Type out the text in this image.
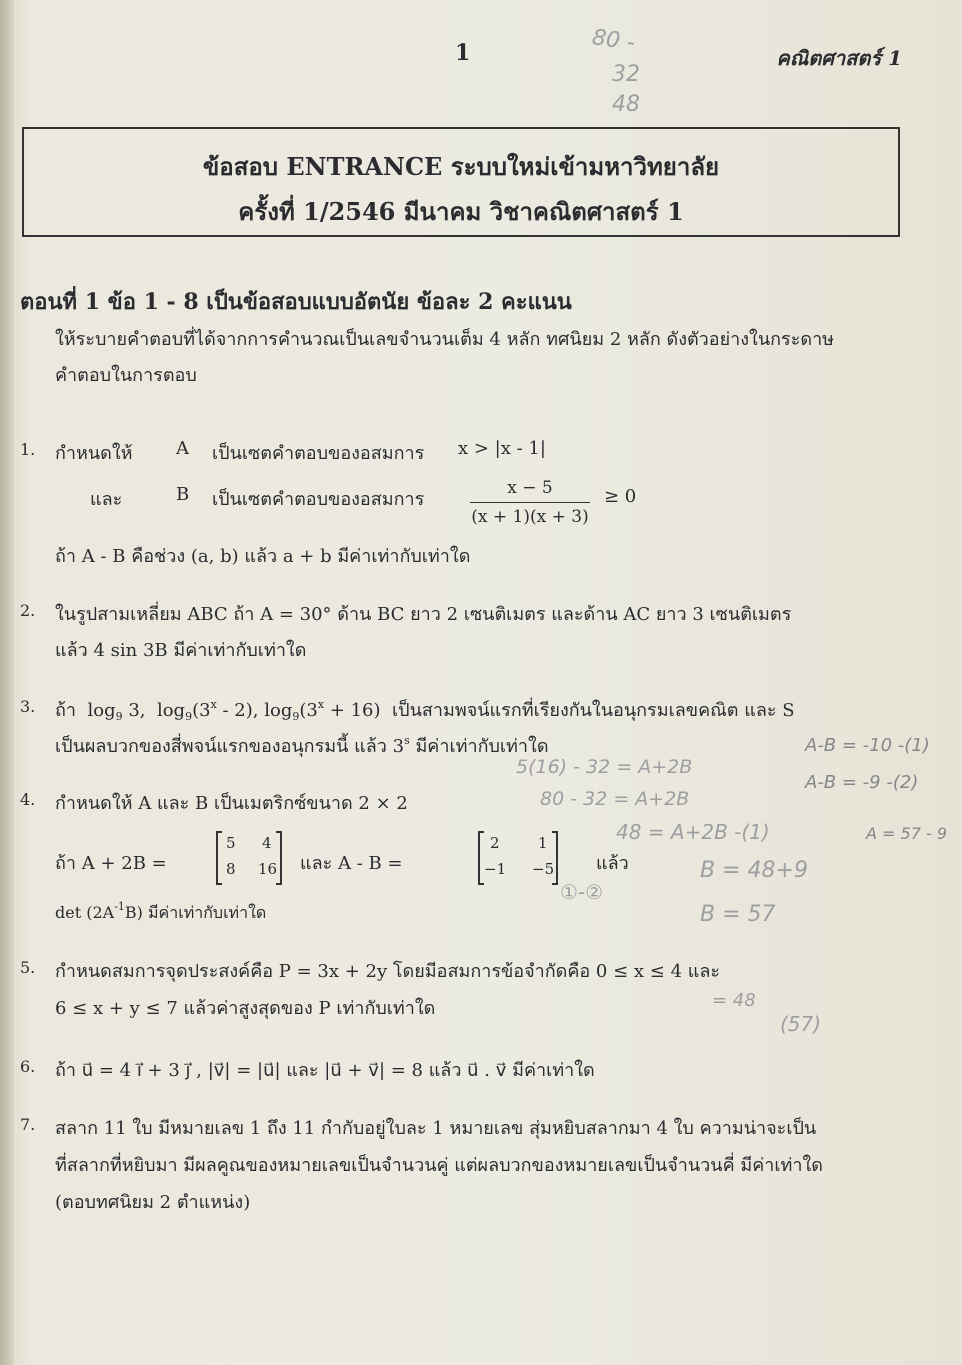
1	คณิตศาสตร์ 1
ข้อสอบ ENTRANCE ระบบใหม่เข้ามหาวิทยาลัย
ครั้งที่ 1/2546 มีนาคม วิชาคณิตศาสตร์ 1
ตอนที่ 1 ข้อ 1 - 8 เป็นข้อสอบแบบอัตนัย ข้อละ 2 คะแนน
ให้ระบายคำตอบที่ได้จากการคำนวณเป็นเลขจำนวนเต็ม 4 หลัก ทศนิยม 2 หลัก ดังตัวอย่างในกระดาษ
คำตอบในการตอบ
1. กำหนดให้ A เป็นเซตคำตอบของอสมการ x > |x - 1|
และ	B เป็นเซตคำตอบของอสมการ
x − 5
(x + 1)(x + 3)
≥ 0
ถ้า A - B คือช่วง (a, b) แล้ว a + b มีค่าเท่ากับเท่าใด
2. ในรูปสามเหลี่ยม ABC ถ้า A = 30° ด้าน BC ยาว 2 เซนติเมตร และด้าน AC ยาว 3 เซนติเมตร
แล้ว 4 sin 3B มีค่าเท่ากับเท่าใด
3. ถ้า $\log_9 3$, $\log_9(3^x - 2)$, $\log_9(3^x + 16)$ เป็นสามพจน์แรกที่เรียงกันในอนุกรมเลขคณิต และ S
เป็นผลบวกของสี่พจน์แรกของอนุกรมนี้ แล้ว 3$^s$ มีค่าเท่ากับเท่าใด
4. กำหนดให้ A และ B เป็นเมตริกซ์ขนาด 2 × 2
ถ้า A + 2B =
5 4
8 16 และ A - B =
2	1
−1 −5 แล้ว
$\det (2A^{-1}B)$ มีค่าเท่ากับเท่าใด
5. กำหนดสมการจุดประสงค์คือ P = 3x + 2y โดยมีอสมการข้อจำกัดคือ 0 ≤ x ≤ 4 และ
6 ≤ x + y ≤ 7 แล้วค่าสูงสุดของ P เท่ากับเท่าใด
6. ถ้า u⃗ = 4 i⃗ + 3 j⃗ , |v⃗| = |u⃗| และ |u⃗ + v⃗| = 8 แล้ว u⃗ . v⃗ มีค่าเท่าใด
7. สลาก 11 ใบ มีหมายเลข 1 ถึง 11 กำกับอยู่ใบละ 1 หมายเลข สุ่มหยิบสลากมา 4 ใบ ความน่าจะเป็น
ที่สลากที่หยิบมา มีผลคูณของหมายเลขเป็นจำนวนคู่ แต่ผลบวกของหมายเลขเป็นจำนวนคี่ มีค่าเท่าใด
(ตอบทศนิยม 2 ตำแหน่ง)
80 -
32
48
A-B = -10 -(1)
A-B = -9 -(2)
5(16) - 32 = A+2B
80 - 32 = A+2B
48 = A+2B -(1)
B = 48+9
B = 57
A = 57 - 9
①-②
= 48
(57)
